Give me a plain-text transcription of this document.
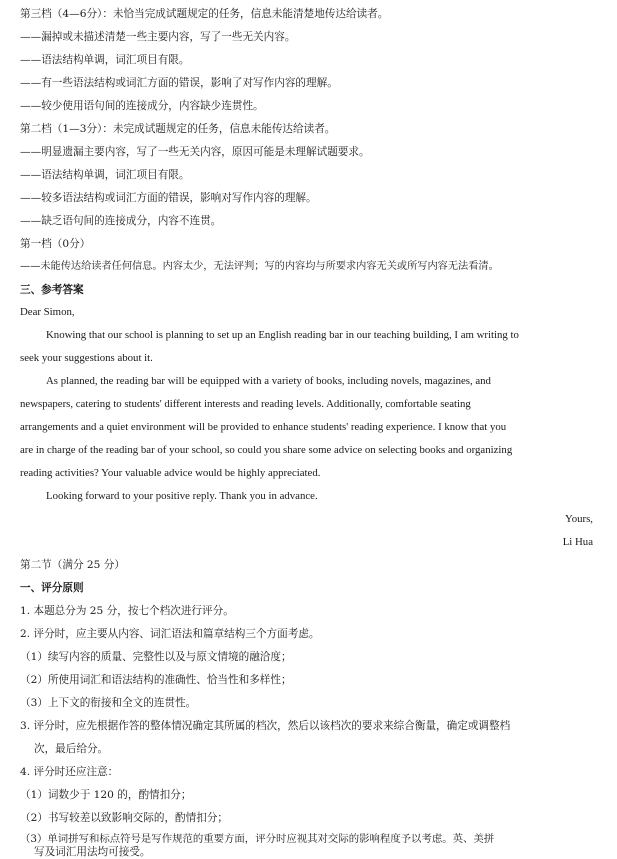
第三档（4—6分）：未恰当完成试题规定的任务，信息未能清楚地传达给读者。
——漏掉或未描述清楚一些主要内容，写了一些无关内容。
——语法结构单调，词汇项目有限。
——有一些语法结构或词汇方面的错误，影响了对写作内容的理解。
——较少使用语句间的连接成分，内容缺少连贯性。
第二档（1—3分）：未完成试题规定的任务，信息未能传达给读者。
——明显遗漏主要内容，写了一些无关内容，原因可能是未理解试题要求。
——语法结构单调，词汇项目有限。
——较多语法结构或词汇方面的错误，影响对写作内容的理解。
——缺乏语句间的连接成分，内容不连贯。
第一档（0分）
——未能传达给读者任何信息。内容太少，无法评判；写的内容均与所要求内容无关或所写内容无法看清。
三、参考答案
Dear Simon,
Knowing that our school is planning to set up an English reading bar in our teaching building, I am writing to
seek your suggestions about it.
As planned, the reading bar will be equipped with a variety of books, including novels, magazines, and
newspapers, catering to students' different interests and reading levels. Additionally, comfortable seating
arrangements and a quiet environment will be provided to enhance students' reading experience. I know that you
are in charge of the reading bar of your school, so could you share some advice on selecting books and organizing
reading activities? Your valuable advice would be highly appreciated.
Looking forward to your positive reply. Thank you in advance.
Yours,
Li Hua
第二节（满分 25 分）
一、评分原则
1. 本题总分为 25 分，按七个档次进行评分。
2. 评分时，应主要从内容、词汇语法和篇章结构三个方面考虑。
（1）续写内容的质量、完整性以及与原文情境的融洽度；
（2）所使用词汇和语法结构的准确性、恰当性和多样性；
（3）上下文的衔接和全文的连贯性。
3. 评分时，应先根据作答的整体情况确定其所属的档次，然后以该档次的要求来综合衡量，确定或调整档
次，最后给分。
4. 评分时还应注意：
（1）词数少于 120 的，酌情扣分；
（2）书写较差以致影响交际的，酌情扣分；
（3）单词拼写和标点符号是写作规范的重要方面，评分时应视其对交际的影响程度予以考虑。英、美拼
写及词汇用法均可接受。
